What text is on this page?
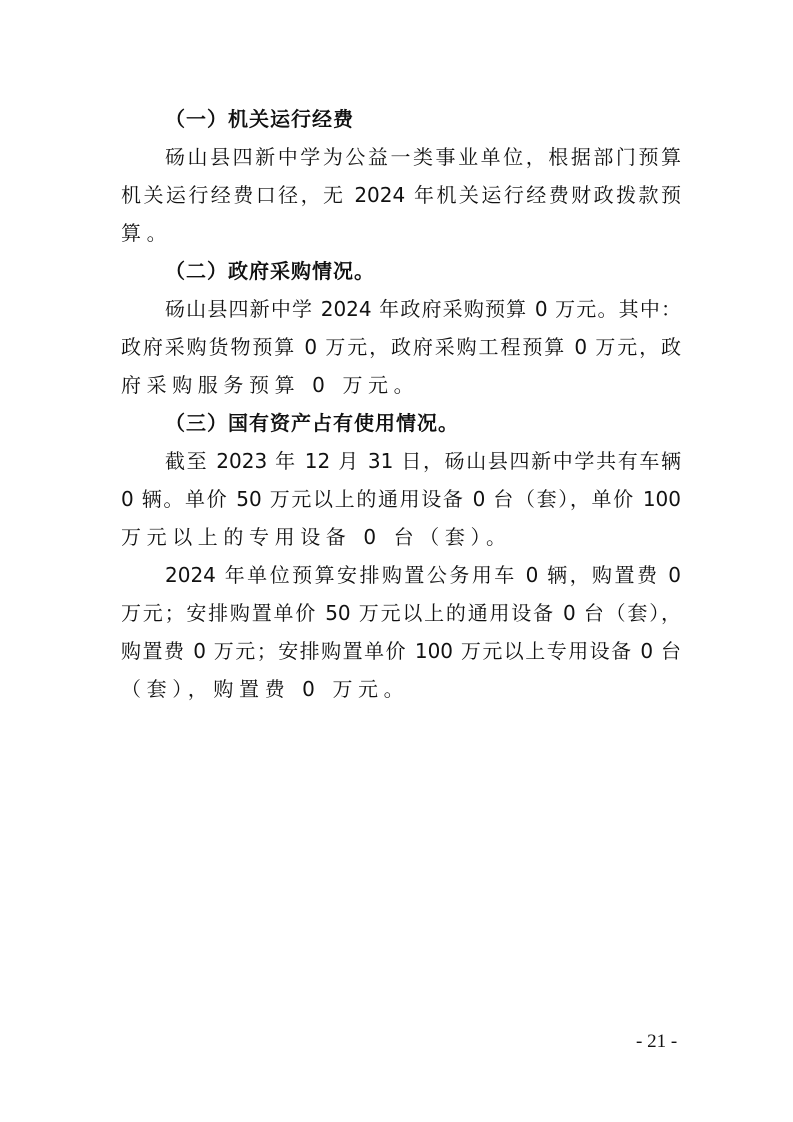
（一）机关运行经费
砀山县四新中学为公益一类事业单位，根据部门预算
机关运行经费口径，无 2024 年机关运行经费财政拨款预
算。
（二）政府采购情况。
砀山县四新中学 2024 年政府采购预算 0 万元。其中：
政府采购货物预算 0 万元，政府采购工程预算 0 万元，政
府采购服务预算 0 万元。
（三）国有资产占有使用情况。
截至 2023 年 12 月 31 日，砀山县四新中学共有车辆
0 辆。单价 50 万元以上的通用设备 0 台（套），单价 100
万元以上的专用设备 0 台（套）。
2024 年单位预算安排购置公务用车 0 辆，购置费 0
万元；安排购置单价 50 万元以上的通用设备 0 台（套），
购置费 0 万元；安排购置单价 100 万元以上专用设备 0 台
（套），购置费 0 万元。
- 21 -
